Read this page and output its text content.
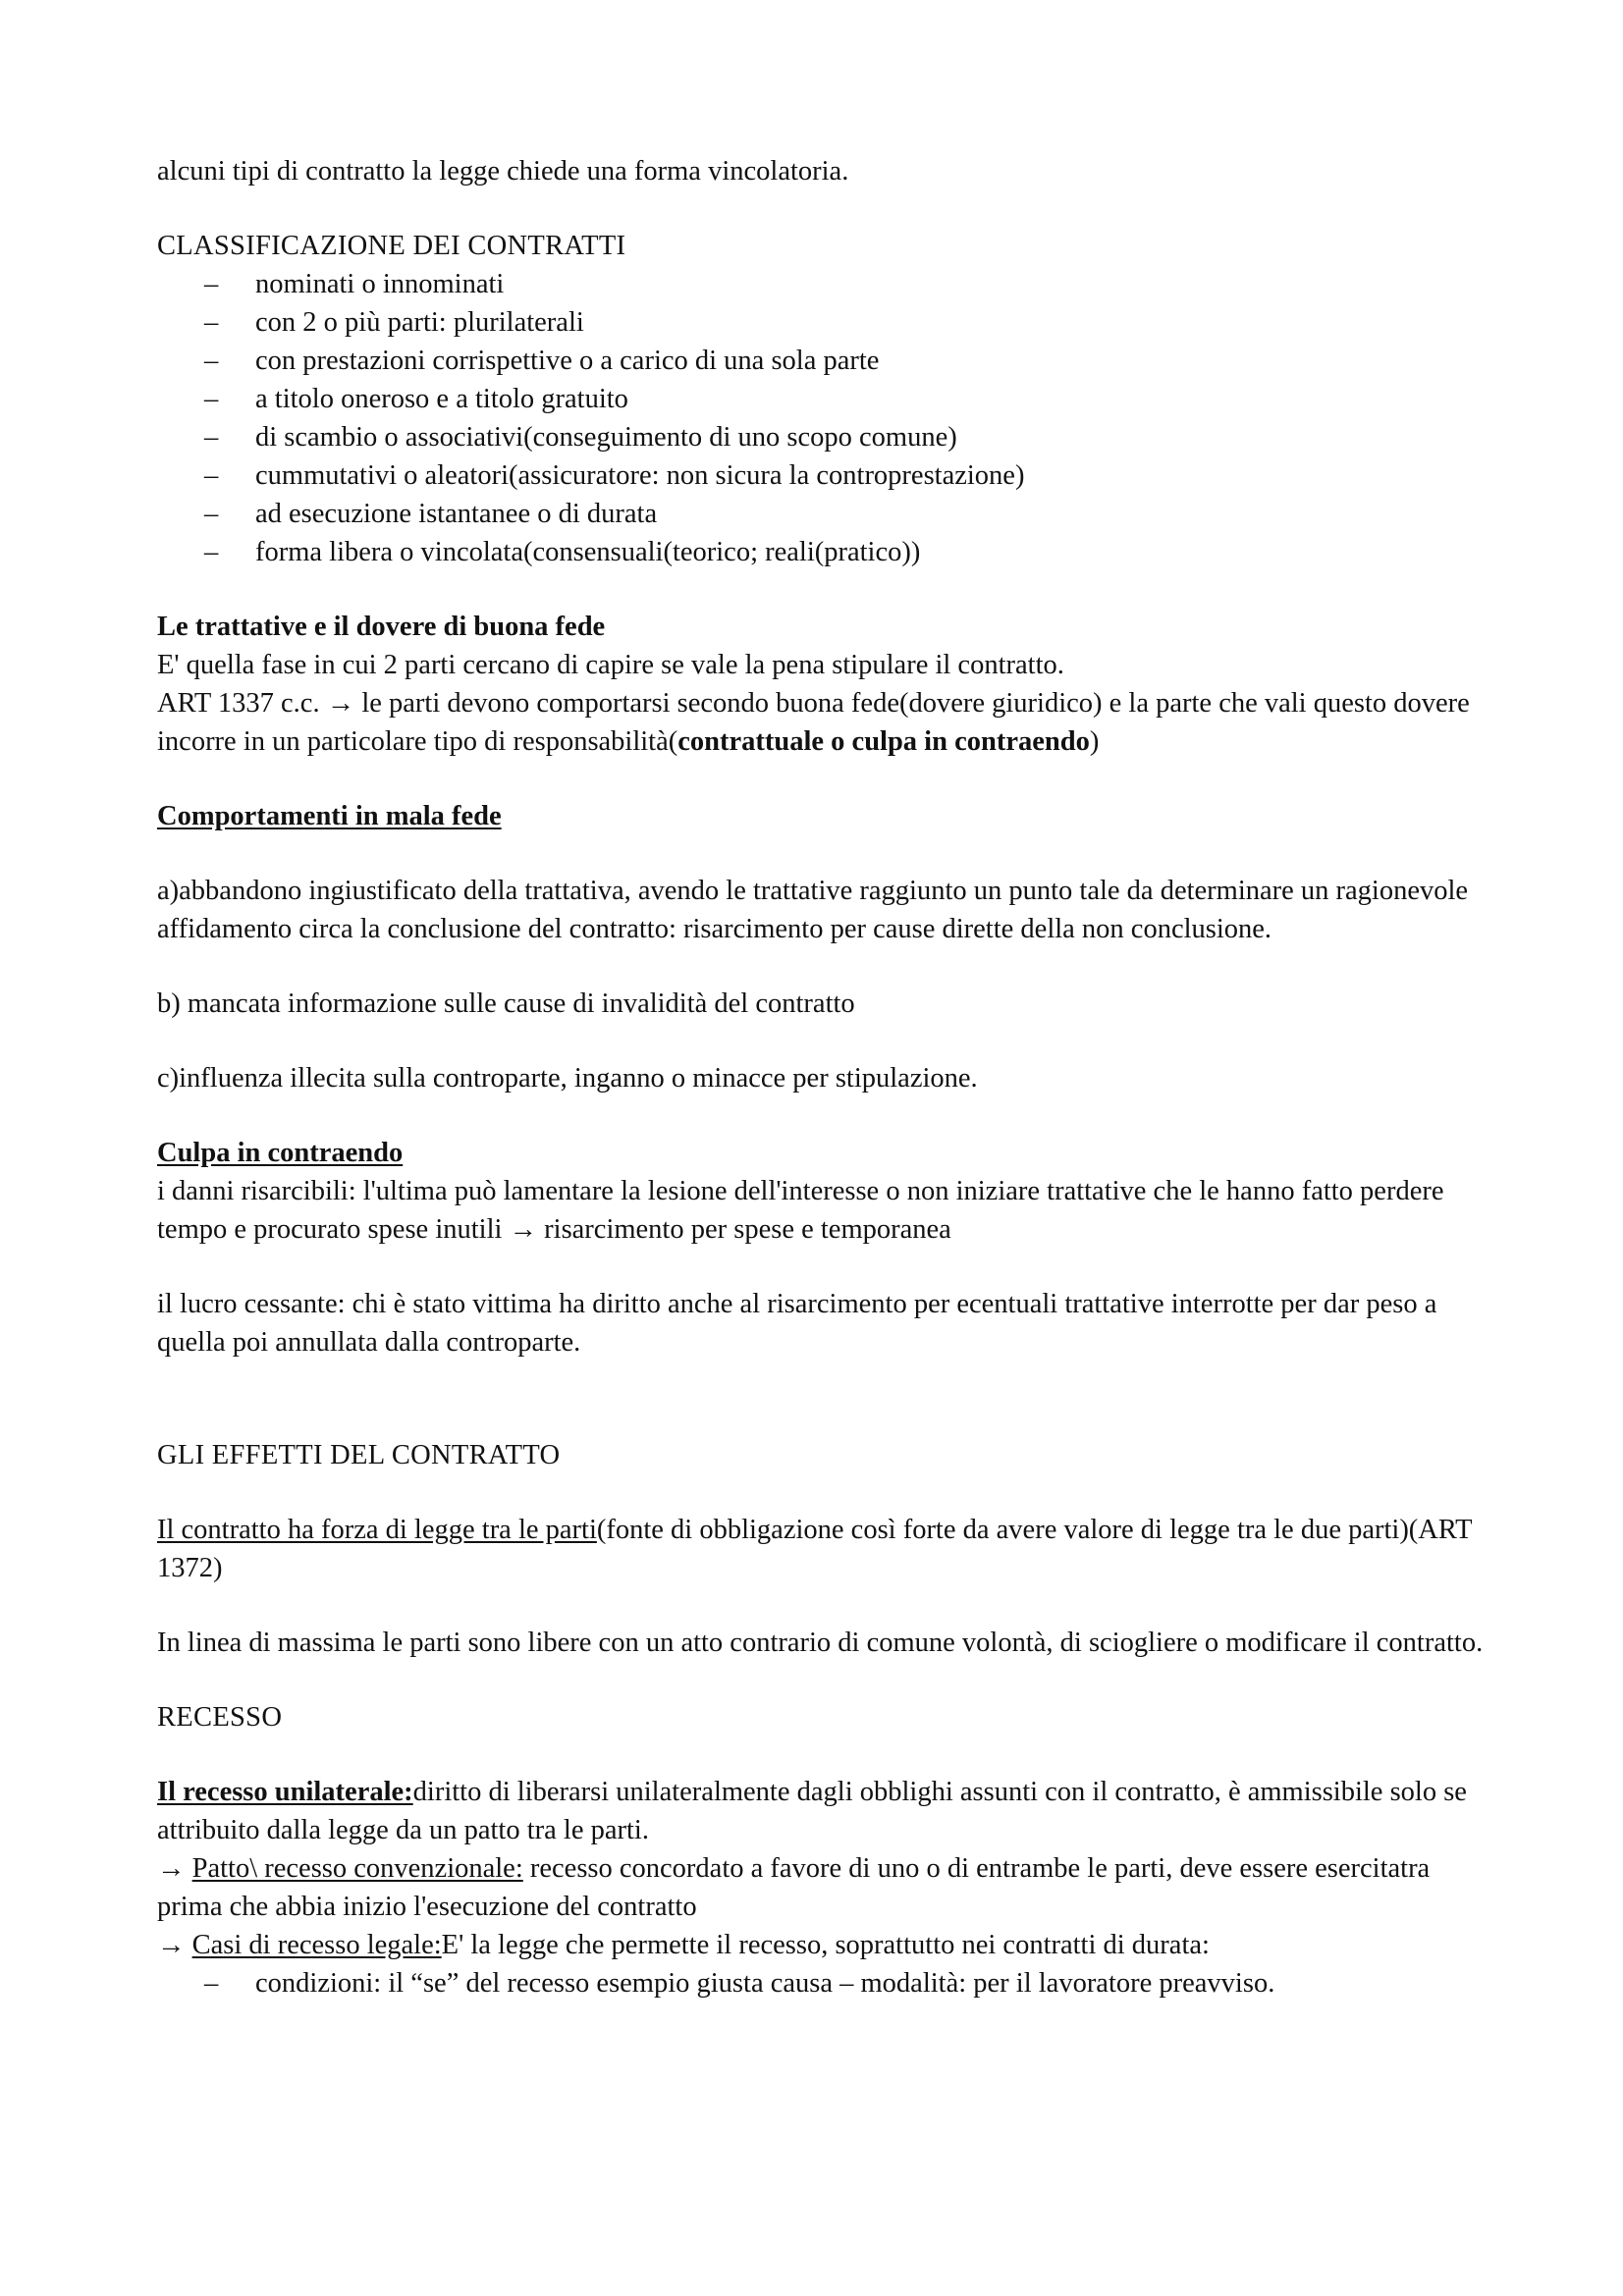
alcuni tipi di contratto la legge chiede una forma vincolatoria.

CLASSIFICAZIONE DEI CONTRATTI

– nominati o innominati
– con 2 o più parti: plurilaterali
– con prestazioni corrispettive o a carico di una sola parte
– a titolo oneroso e a titolo gratuito
– di scambio o associativi(conseguimento di uno scopo comune)
– cummutativi o aleatori(assicuratore: non sicura la controprestazione)
– ad esecuzione istantanee o di durata
– forma libera o vincolata(consensuali(teorico; reali(pratico))

Le trattative e il dovere di buona fede

E' quella fase in cui 2 parti cercano di capire se vale la pena stipulare il contratto.

ART 1337 c.c. → le parti devono comportarsi secondo buona fede(dovere giuridico) e la parte che vali questo dovere incorre in un particolare tipo di responsabilità(contrattuale o culpa in contraendo)

Comportamenti in mala fede

a)abbandono ingiustificato della trattativa, avendo le trattative raggiunto un punto tale da determinare un ragionevole affidamento circa la conclusione del contratto: risarcimento per cause dirette della non conclusione.

b) mancata informazione sulle cause di invalidità del contratto

c)influenza illecita sulla controparte, inganno o minacce per stipulazione.

Culpa in contraendo

i danni risarcibili: l'ultima può lamentare la lesione dell'interesse o non iniziare trattative che le hanno fatto perdere tempo e procurato spese inutili → risarcimento per spese e temporanea

il lucro cessante: chi è stato vittima ha diritto anche al risarcimento per ecentuali trattative interrotte per dar peso a quella poi annullata dalla controparte.

GLI EFFETTI DEL CONTRATTO

Il contratto ha forza di legge tra le parti(fonte di obbligazione così forte da avere valore di legge tra le due parti)(ART 1372)

In linea di massima le parti sono libere con un atto contrario di comune volontà, di sciogliere o modificare il contratto.

RECESSO

Il recesso unilaterale:diritto di liberarsi unilateralmente dagli obblighi assunti con il contratto, è ammissibile solo se attribuito dalla legge da un patto tra le parti.

→ Patto\ recesso convenzionale: recesso concordato a favore di uno o di entrambe le parti, deve essere esercitatra prima che abbia inizio l'esecuzione del contratto

→ Casi di recesso legale:E' la legge che permette il recesso, soprattutto nei contratti di durata:

– condizioni: il “se” del recesso esempio giusta causa – modalità: per il lavoratore preavviso.
